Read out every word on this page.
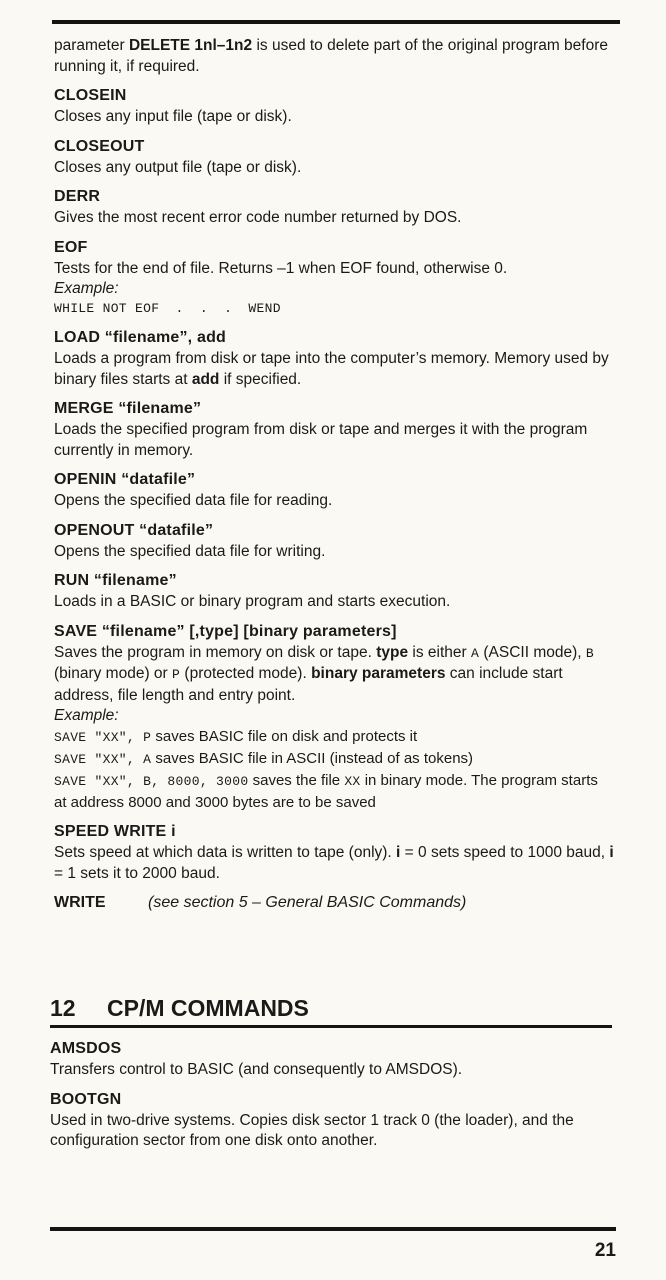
parameter DELETE 1nl–1n2 is used to delete part of the original program before running it, if required.
CLOSEIN
Closes any input file (tape or disk).
CLOSEOUT
Closes any output file (tape or disk).
DERR
Gives the most recent error code number returned by DOS.
EOF
Tests for the end of file. Returns –1 when EOF found, otherwise 0.
Example:
WHILE NOT EOF  .  .  .  WEND
LOAD “filename”, add
Loads a program from disk or tape into the computer’s memory. Memory used by binary files starts at add if specified.
MERGE “filename”
Loads the specified program from disk or tape and merges it with the program currently in memory.
OPENIN “datafile”
Opens the specified data file for reading.
OPENOUT “datafile”
Opens the specified data file for writing.
RUN “filename”
Loads in a BASIC or binary program and starts execution.
SAVE “filename” [,type] [binary parameters]
Saves the program in memory on disk or tape. type is either A (ASCII mode), B (binary mode) or P (protected mode). binary parameters can include start address, file length and entry point.
Example:
SAVE "XX", P saves BASIC file on disk and protects it
SAVE "XX", A saves BASIC file in ASCII (instead of as tokens)
SAVE "XX", B, 8000, 3000 saves the file XX in binary mode. The program starts at address 8000 and 3000 bytes are to be saved
SPEED WRITE i
Sets speed at which data is written to tape (only). i = 0 sets speed to 1000 baud, i = 1 sets it to 2000 baud.
WRITE	(see section 5 – General BASIC Commands)
12 CP/M COMMANDS
AMSDOS
Transfers control to BASIC (and consequently to AMSDOS).
BOOTGN
Used in two-drive systems. Copies disk sector 1 track 0 (the loader), and the configuration sector from one disk onto another.
21
